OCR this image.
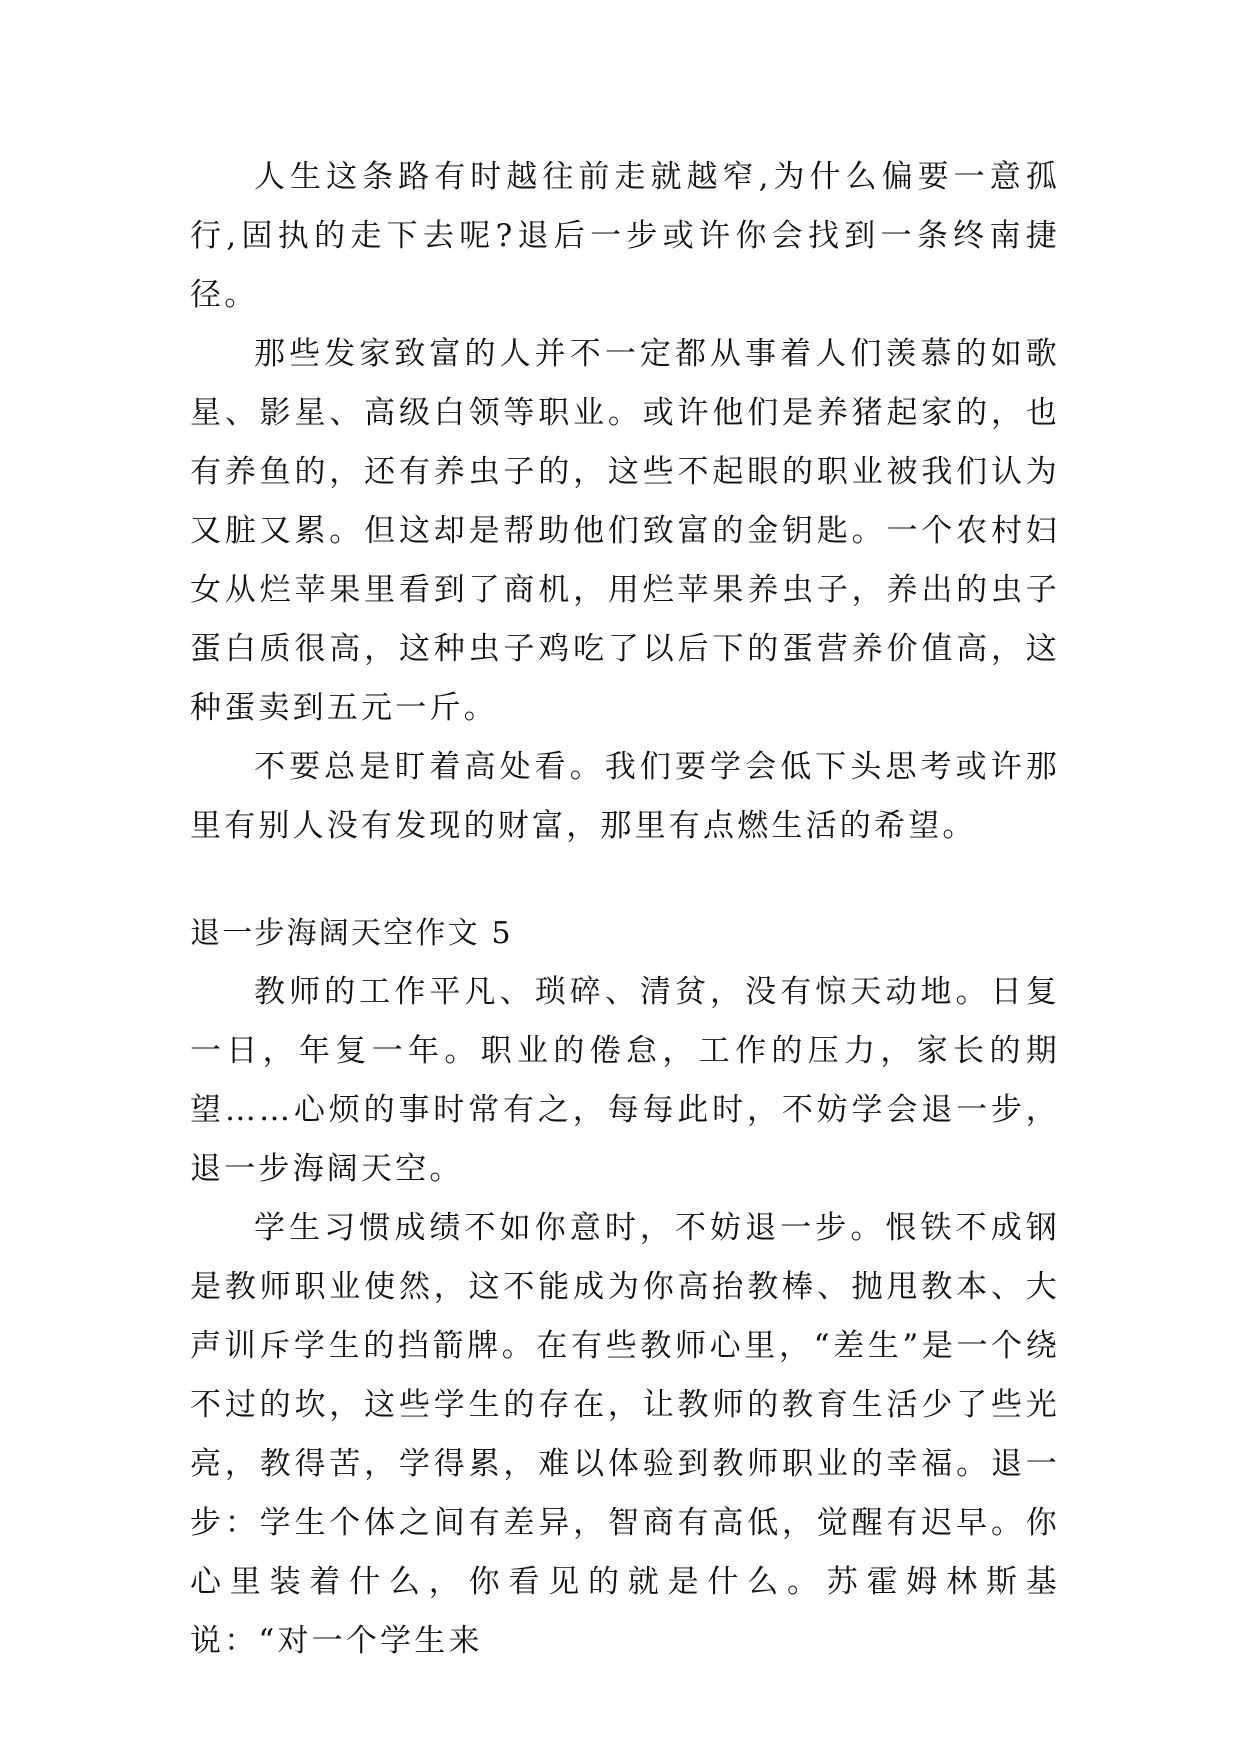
人生这条路有时越往前走就越窄,为什么偏要一意孤行,固执的走下去呢?退后一步或许你会找到一条终南捷径。

那些发家致富的人并不一定都从事着人们羡慕的如歌星、影星、高级白领等职业。或许他们是养猪起家的，也有养鱼的，还有养虫子的，这些不起眼的职业被我们认为又脏又累。但这却是帮助他们致富的金钥匙。一个农村妇女从烂苹果里看到了商机，用烂苹果养虫子，养出的虫子蛋白质很高，这种虫子鸡吃了以后下的蛋营养价值高，这种蛋卖到五元一斤。

不要总是盯着高处看。我们要学会低下头思考或许那里有别人没有发现的财富，那里有点燃生活的希望。

退一步海阔天空作文 5

教师的工作平凡、琐碎、清贫，没有惊天动地。日复一日，年复一年。职业的倦怠，工作的压力，家长的期望……心烦的事时常有之，每每此时，不妨学会退一步，退一步海阔天空。

学生习惯成绩不如你意时，不妨退一步。恨铁不成钢是教师职业使然，这不能成为你高抬教棒、抛甩教本、大声训斥学生的挡箭牌。在有些教师心里，“差生”是一个绕不过的坎，这些学生的存在，让教师的教育生活少了些光亮，教得苦，学得累，难以体验到教师职业的幸福。退一步：学生个体之间有差异，智商有高低，觉醒有迟早。你心里装着什么，你看见的就是什么。苏霍姆林斯基说：“对一个学生来
